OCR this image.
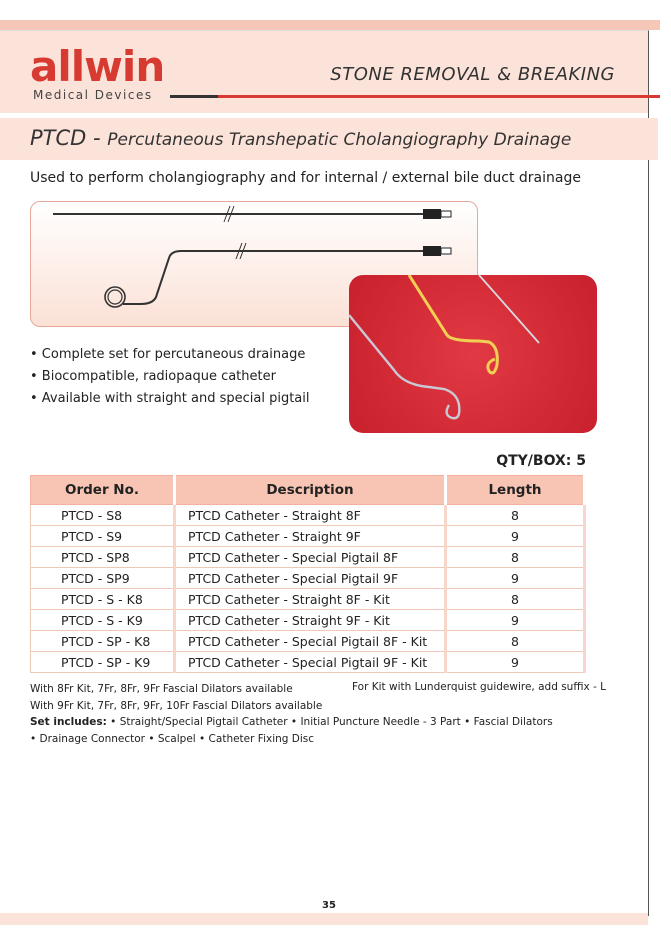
allwin
Medical Devices
STONE REMOVAL & BREAKING
PTCD - Percutaneous Transhepatic Cholangiography Drainage
Used to perform cholangiography and for internal / external bile duct drainage
• Complete set for percutaneous drainage
• Biocompatible, radiopaque catheter
• Available with straight and special pigtail
QTY/BOX: 5
Order No.	Description	Length
PTCD - S8	PTCD Catheter - Straight 8F	8
PTCD - S9	PTCD Catheter - Straight 9F	9
PTCD - SP8	PTCD Catheter - Special Pigtail 8F	8
PTCD - SP9	PTCD Catheter - Special Pigtail 9F	9
PTCD - S - K8	PTCD Catheter - Straight 8F - Kit	8
PTCD - S - K9	PTCD Catheter - Straight 9F - Kit	9
PTCD - SP - K8	PTCD Catheter - Special Pigtail 8F - Kit	8
PTCD - SP - K9	PTCD Catheter - Special Pigtail 9F - Kit	9
With 8Fr Kit, 7Fr, 8Fr, 9Fr Fascial Dilators available
With 9Fr Kit, 7Fr, 8Fr, 9Fr, 10Fr Fascial Dilators available
Set includes: • Straight/Special Pigtail Catheter • Initial Puncture Needle - 3 Part • Fascial Dilators
• Drainage Connector • Scalpel • Catheter Fixing Disc
For Kit with Lunderquist guidewire, add suffix - L
35
